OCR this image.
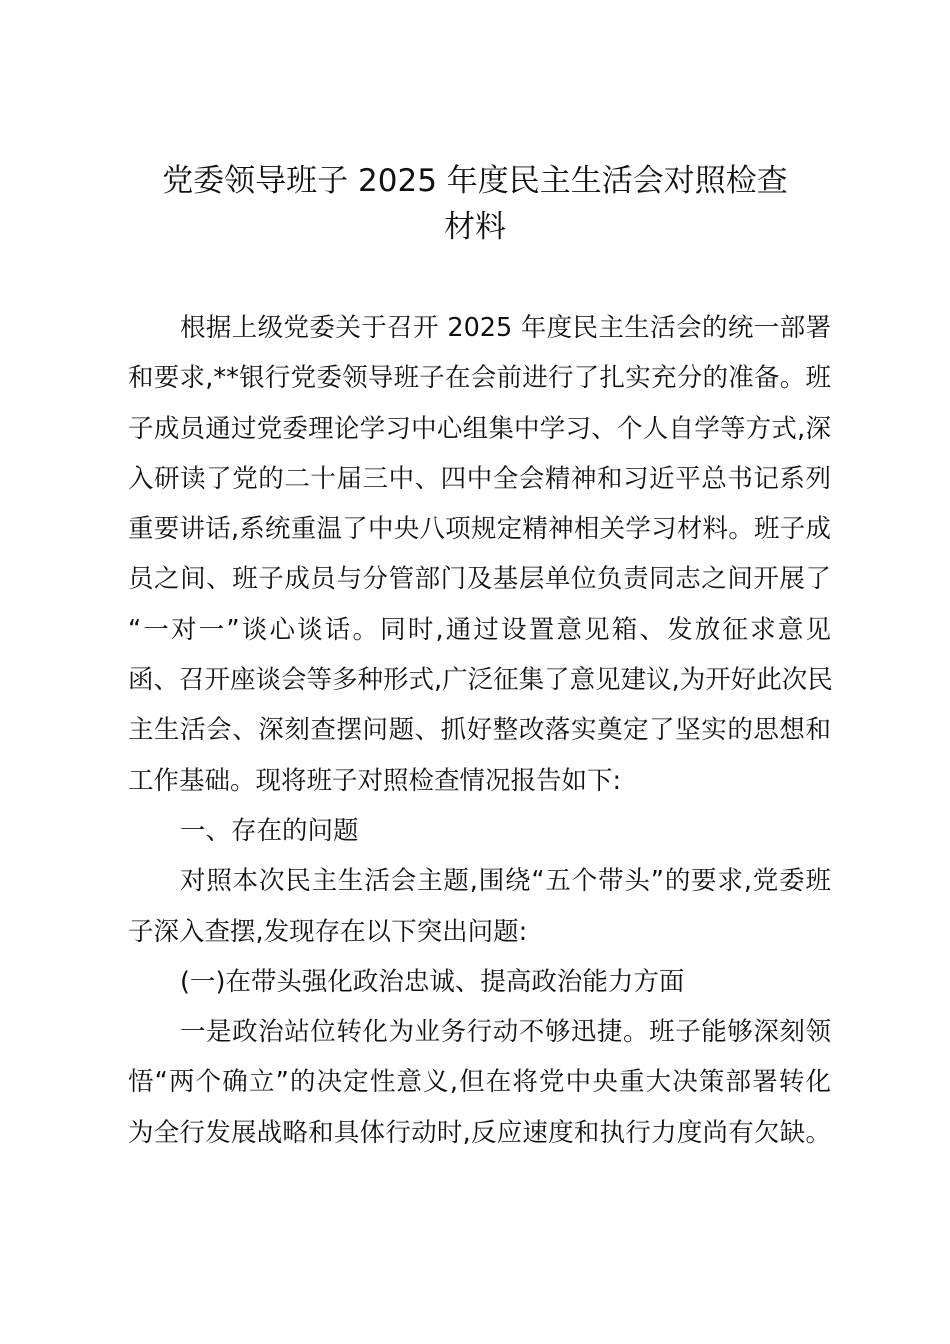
党委领导班子 2025 年度民主生活会对照检查
材料
根据上级党委关于召开 2025 年度民主生活会的统一部署
和要求,**银行党委领导班子在会前进行了扎实充分的准备。班
子成员通过党委理论学习中心组集中学习、个人自学等方式,深
入研读了党的二十届三中、四中全会精神和习近平总书记系列
重要讲话,系统重温了中央八项规定精神相关学习材料。班子成
员之间、班子成员与分管部门及基层单位负责同志之间开展了
“一对一”谈心谈话。同时,通过设置意见箱、发放征求意见
函、召开座谈会等多种形式,广泛征集了意见建议,为开好此次民
主生活会、深刻查摆问题、抓好整改落实奠定了坚实的思想和
工作基础。现将班子对照检查情况报告如下:
一、存在的问题
对照本次民主生活会主题,围绕“五个带头”的要求,党委班
子深入查摆,发现存在以下突出问题:
(一)在带头强化政治忠诚、提高政治能力方面
一是政治站位转化为业务行动不够迅捷。班子能够深刻领
悟“两个确立”的决定性意义,但在将党中央重大决策部署转化
为全行发展战略和具体行动时,反应速度和执行力度尚有欠缺。
